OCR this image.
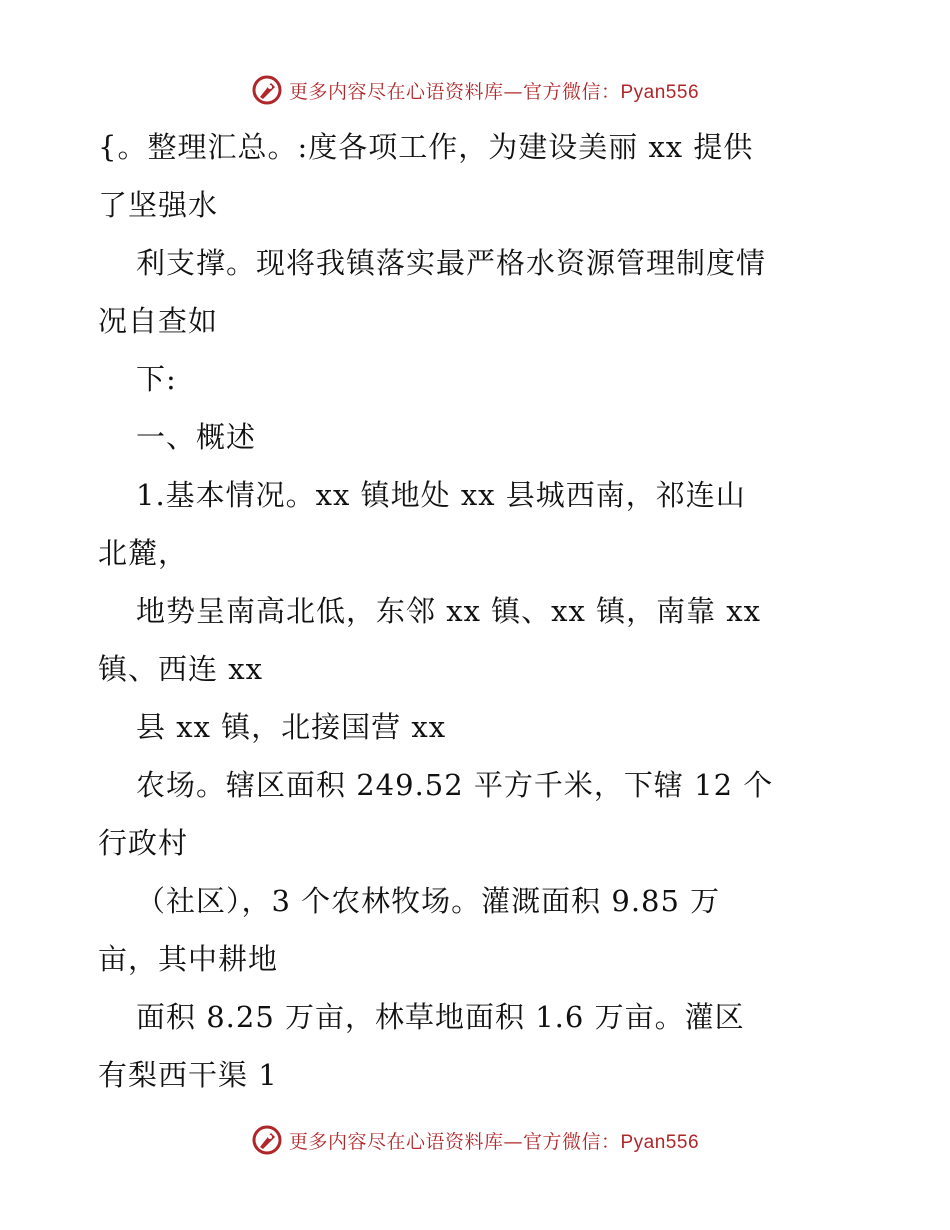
更多内容尽在心语资料库—官方微信：Pyan556
{。整理汇总。:度各项工作，为建设美丽 xx 提供
了坚强水
利支撑。现将我镇落实最严格水资源管理制度情
况自查如
下:
一、概述
1.基本情况。xx 镇地处 xx 县城西南，祁连山
北麓，
地势呈南高北低，东邻 xx 镇、xx 镇，南靠 xx
镇、西连 xx
县 xx 镇，北接国营 xx
农场。辖区面积 249.52 平方千米，下辖 12 个
行政村
（社区），3 个农林牧场。灌溉面积 9.85 万
亩，其中耕地
面积 8.25 万亩，林草地面积 1.6 万亩。灌区
有梨西干渠 1
更多内容尽在心语资料库—官方微信：Pyan556
